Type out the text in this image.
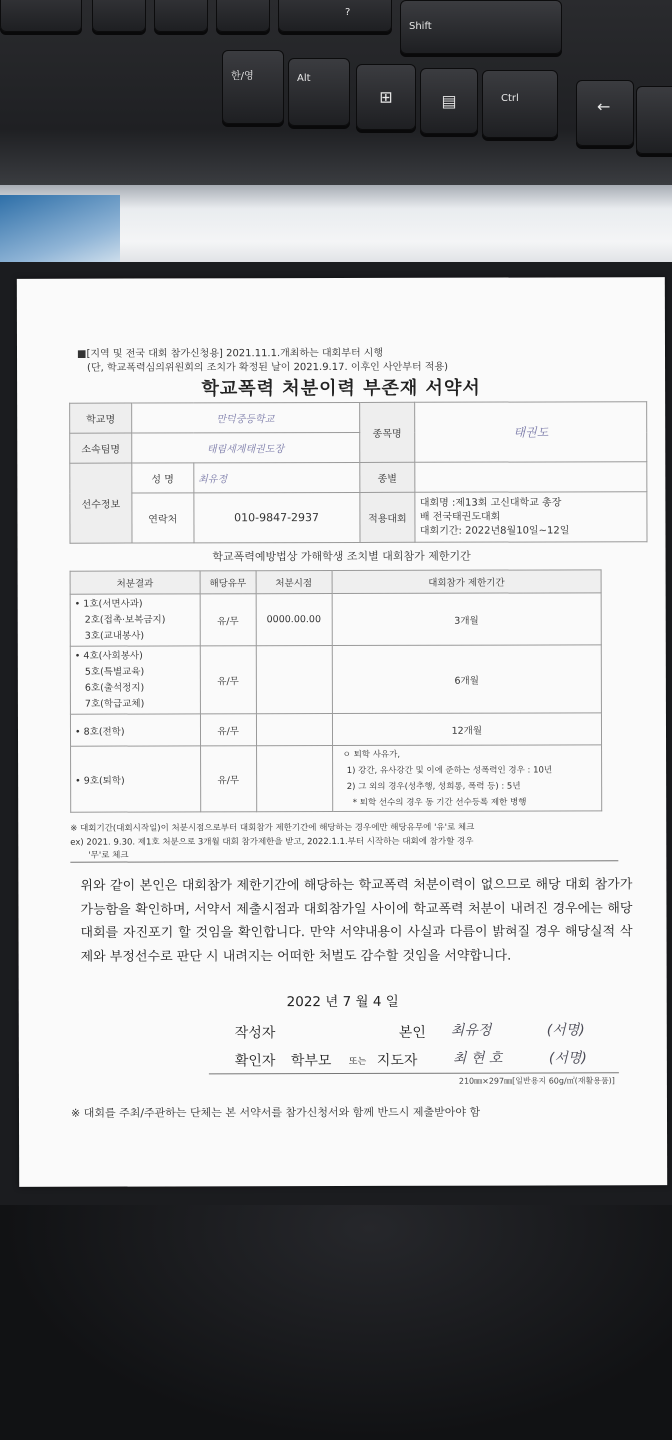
?
Shift
한/영	Alt
⊞	▤	Ctrl	←
■[지역 및 전국 대회 참가신청용] 2021.11.1.개최하는 대회부터 시행
(단, 학교폭력심의위원회의 조치가 확정된 날이 2021.9.17. 이후인 사안부터 적용)
학교폭력 처분이력 부존재 서약서
학교명	만덕중등학교		종목명	태권도
소속팀명	태림세계태권도장			
선수정보	성 명	최유정	종별	
	연락처	010-9847-2937	적용대회	대회명 :제13회 고신대학교 총장
배 전국태권도대회
대회기간: 2022년8월10일~12일
학교폭력예방법상 가해학생 조치별 대회참가 제한기간
처분결과	해당유무	처분시점	대회참가 제한기간

• 1호(서면사과)
2호(접촉·보복금지)
3호(교내봉사)	유/무	0000.00.00	3개월

• 4호(사회봉사)
5호(특별교육)
6호(출석정지)
7호(학급교체)	유/무		6개월
• 8호(전학)	유/무		12개월
• 9호(퇴학)	유/무		ㅇ 퇴학 사유가,
1) 강간, 유사강간 및 이에 준하는 성폭력인 경우 : 10년
2) 그 외의 경우(성추행, 성희롱, 폭력 등) : 5년
* 퇴학 선수의 경우 동 기간 선수등록 제한 병행
※ 대회기간(대회시작일)이 처분시점으로부터 대회참가 제한기간에 해당하는 경우에만 해당유무에 '유'로 체크
ex) 2021. 9.30. 제1호 처분으로 3개월 대회 참가제한을 받고, 2022.1.1.부터 시작하는 대회에 참가할 경우
'무'로 체크
위와 같이 본인은 대회참가 제한기간에 해당하는 학교폭력 처분이력이 없으므로 해당 대회 참가가 가능함을 확인하며, 서약서 제출시점과 대회참가일 사이에 학교폭력 처분이 내려진 경우에는 해당대회를 자진포기 할 것임을 확인합니다. 만약 서약내용이 사실과 다름이 밝혀질 경우 해당실적 삭제와 부정선수로 판단 시 내려지는 어떠한 처벌도 감수할 것임을 서약합니다.
2022 년 7 월 4 일
작성자	본인 최유정	(서명)
확인자 학부모 또는 지도자	최 현 호	(서명)
210㎜×297㎜[일반용지 60g/㎡(재활용품)]
※ 대회를 주최/주관하는 단체는 본 서약서를 참가신청서와 함께 반드시 제출받아야 함
